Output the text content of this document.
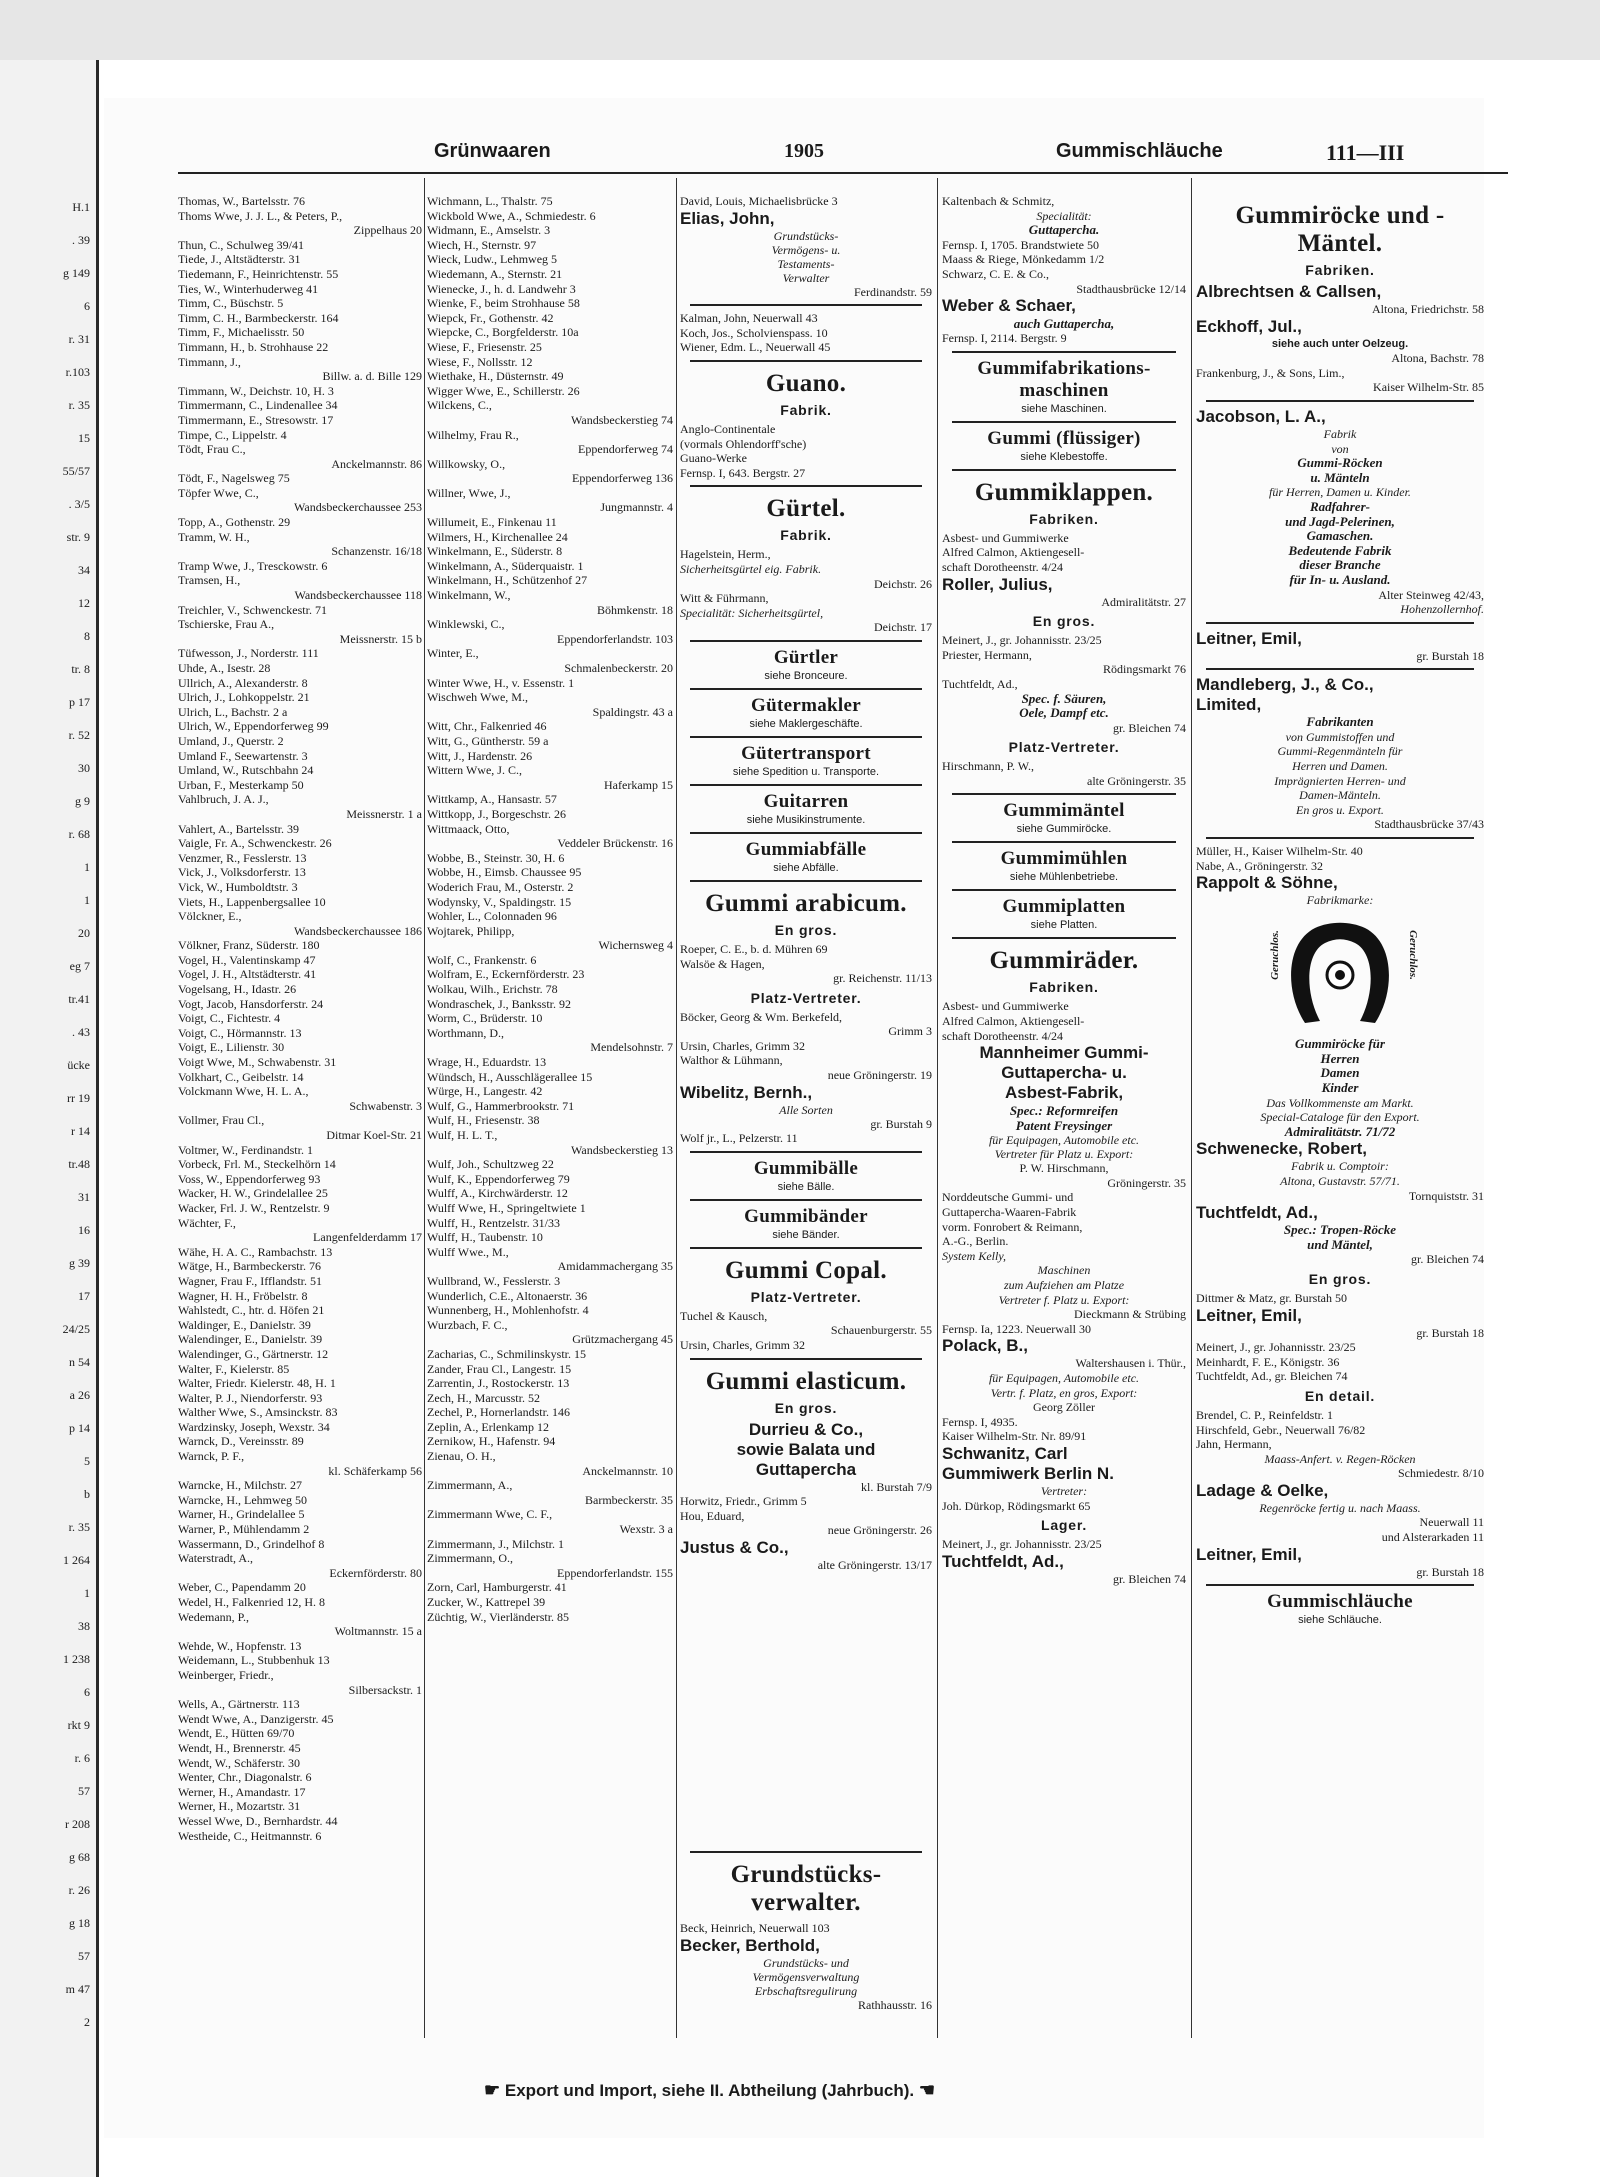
H.1
. 39
g 149
6
r. 31
r.103
r. 35
15
55/57
. 3/5
str. 9
34
12
8
tr. 8
p 17
r. 52
30
g 9
r. 68
1
1
20
eg 7
tr.41
. 43
ücke
rr 19
r 14
tr.48
31
16
g 39
17
24/25
n 54
a 26
p 14
5
b
r. 35
1 264
1
38
1 238
6
rkt 9
r. 6
57
r 208
g 68
r. 26
g 18
57
m 47
2
Grünwaaren	1905	Gummischläuche	111—III
Thomas, W., Bartelsstr. 76
Thoms Wwe, J. J. L., & Peters, P.,
Zippelhaus 20
Thun, C., Schulweg 39/41
Tiede, J., Altstädterstr. 31
Tiedemann, F., Heinrichtenstr. 55
Ties, W., Winterhuderweg 41
Timm, C., Büschstr. 5
Timm, C. H., Barmbeckerstr. 164
Timm, F., Michaelisstr. 50
Timmann, H., b. Strohhause 22
Timmann, J.,
Billw. a. d. Bille 129
Timmann, W., Deichstr. 10, H. 3
Timmermann, C., Lindenallee 34
Timmermann, E., Stresowstr. 17
Timpe, C., Lippelstr. 4
Tödt, Frau C.,
Anckelmannstr. 86
Tödt, F., Nagelsweg 75
Töpfer Wwe, C.,
Wandsbeckerchaussee 253
Topp, A., Gothenstr. 29
Tramm, W. H.,
Schanzenstr. 16/18
Tramp Wwe, J., Tresckowstr. 6
Tramsen, H.,
Wandsbeckerchaussee 118
Treichler, V., Schwenckestr. 71
Tschierske, Frau A.,
Meissnerstr. 15 b
Tüfwesson, J., Norderstr. 111
Uhde, A., Isestr. 28
Ullrich, A., Alexanderstr. 8
Ulrich, J., Lohkoppelstr. 21
Ulrich, L., Bachstr. 2 a
Ulrich, W., Eppendorferweg 99
Umland, J., Querstr. 2
Umland F., Seewartenstr. 3
Umland, W., Rutschbahn 24
Urban, F., Mesterkamp 50
Vahlbruch, J. A. J.,
Meissnerstr. 1 a
Vahlert, A., Bartelsstr. 39
Vaigle, Fr. A., Schwenckestr. 26
Venzmer, R., Fesslerstr. 13
Vick, J., Volksdorferstr. 13
Vick, W., Humboldtstr. 3
Viets, H., Lappenbergsallee 10
Völckner, E.,
Wandsbeckerchaussee 186
Völkner, Franz, Süderstr. 180
Vogel, H., Valentinskamp 47
Vogel, J. H., Altstädterstr. 41
Vogelsang, H., Idastr. 26
Vogt, Jacob, Hansdorferstr. 24
Voigt, C., Fichtestr. 4
Voigt, C., Hörmannstr. 13
Voigt, E., Lilienstr. 30
Voigt Wwe, M., Schwabenstr. 31
Volkhart, C., Geibelstr. 14
Volckmann Wwe, H. L. A.,
Schwabenstr. 3
Vollmer, Frau Cl.,
Ditmar Koel-Str. 21
Voltmer, W., Ferdinandstr. 1
Vorbeck, Frl. M., Steckelhörn 14
Voss, W., Eppendorferweg 93
Wacker, H. W., Grindelallee 25
Wacker, Frl. J. W., Rentzelstr. 9
Wächter, F.,
Langenfelderdamm 17
Wähe, H. A. C., Rambachstr. 13
Wätge, H., Barmbeckerstr. 76
Wagner, Frau F., Ifflandstr. 51
Wagner, H. H., Fröbelstr. 8
Wahlstedt, C., htr. d. Höfen 21
Waldinger, E., Danielstr. 39
Walendinger, E., Danielstr. 39
Walendinger, G., Gärtnerstr. 12
Walter, F., Kielerstr. 85
Walter, Friedr. Kielerstr. 48, H. 1
Walter, P. J., Niendorferstr. 93
Walther Wwe, S., Amsinckstr. 83
Wardzinsky, Joseph, Wexstr. 34
Warnck, D., Vereinsstr. 89
Warnck, P. F.,
kl. Schäferkamp 56
Warncke, H., Milchstr. 27
Warncke, H., Lehmweg 50
Warner, H., Grindelallee 5
Warner, P., Mühlendamm 2
Wassermann, D., Grindelhof 8
Waterstradt, A.,
Eckernförderstr. 80
Weber, C., Papendamm 20
Wedel, H., Falkenried 12, H. 8
Wedemann, P.,
Woltmannstr. 15 a
Wehde, W., Hopfenstr. 13
Weidemann, L., Stubbenhuk 13
Weinberger, Friedr.,
Silbersackstr. 1
Wells, A., Gärtnerstr. 113
Wendt Wwe, A., Danzigerstr. 45
Wendt, E., Hütten 69/70
Wendt, H., Brennerstr. 45
Wendt, W., Schäferstr. 30
Wenter, Chr., Diagonalstr. 6
Werner, H., Amandastr. 17
Werner, H., Mozartstr. 31
Wessel Wwe, D., Bernhardstr. 44
Westheide, C., Heitmannstr. 6
Wichmann, L., Thalstr. 75
Wickbold Wwe, A., Schmiedestr. 6
Widmann, E., Amselstr. 3
Wiech, H., Sternstr. 97
Wieck, Ludw., Lehmweg 5
Wiedemann, A., Sternstr. 21
Wienecke, J., h. d. Landwehr 3
Wienke, F., beim Strohhause 58
Wiepck, Fr., Gothenstr. 42
Wiepcke, C., Borgfelderstr. 10a
Wiese, F., Friesenstr. 25
Wiese, F., Nollsstr. 12
Wiethake, H., Düsternstr. 49
Wigger Wwe, E., Schillerstr. 26
Wilckens, C.,
Wandsbeckerstieg 74
Wilhelmy, Frau R.,
Eppendorferweg 74
Willkowsky, O.,
Eppendorferweg 136
Willner, Wwe, J.,
Jungmannstr. 4
Willumeit, E., Finkenau 11
Wilmers, H., Kirchenallee 24
Winkelmann, E., Süderstr. 8
Winkelmann, A., Süderquaistr. 1
Winkelmann, H., Schützenhof 27
Winkelmann, W.,
Böhmkenstr. 18
Winklewski, C.,
Eppendorferlandstr. 103
Winter, E.,
Schmalenbeckerstr. 20
Winter Wwe, H., v. Essenstr. 1
Wischweh Wwe, M.,
Spaldingstr. 43 a
Witt, Chr., Falkenried 46
Witt, G., Güntherstr. 59 a
Witt, J., Hardenstr. 26
Wittern Wwe, J. C.,
Haferkamp 15
Wittkamp, A., Hansastr. 57
Wittkopp, J., Borgeschstr. 26
Wittmaack, Otto,
Veddeler Brückenstr. 16
Wobbe, B., Steinstr. 30, H. 6
Wobbe, H., Eimsb. Chaussee 95
Woderich Frau, M., Osterstr. 2
Wodynsky, V., Spaldingstr. 15
Wohler, L., Colonnaden 96
Wojtarek, Philipp,
Wichernsweg 4
Wolf, C., Frankenstr. 6
Wolfram, E., Eckernförderstr. 23
Wolkau, Wilh., Erichstr. 78
Wondraschek, J., Banksstr. 92
Worm, C., Brüderstr. 10
Worthmann, D.,
Mendelsohnstr. 7
Wrage, H., Eduardstr. 13
Wündsch, H., Ausschlägerallee 15
Würge, H., Langestr. 42
Wulf, G., Hammerbrookstr. 71
Wulf, H., Friesenstr. 38
Wulf, H. L. T.,
Wandsbeckerstieg 13
Wulf, Joh., Schultzweg 22
Wulf, K., Eppendorferweg 79
Wulff, A., Kirchwärderstr. 12
Wulff Wwe, H., Springeltwiete 1
Wulff, H., Rentzelstr. 31/33
Wulff, H., Taubenstr. 10
Wulff Wwe., M.,
Amidammachergang 35
Wullbrand, W., Fesslerstr. 3
Wunderlich, C.E., Altonaerstr. 36
Wunnenberg, H., Mohlenhofstr. 4
Wurzbach, F. C.,
Grützmachergang 45
Zacharias, C., Schmilinskystr. 15
Zander, Frau Cl., Langestr. 15
Zarrentin, J., Rostockerstr. 13
Zech, H., Marcusstr. 52
Zechel, P., Hornerlandstr. 146
Zeplin, A., Erlenkamp 12
Zernikow, H., Hafenstr. 94
Zienau, O. H.,
Anckelmannstr. 10
Zimmermann, A.,
Barmbeckerstr. 35
Zimmermann Wwe, C. F.,
Wexstr. 3 a
Zimmermann, J., Milchstr. 1
Zimmermann, O.,
Eppendorferlandstr. 155
Zorn, Carl, Hamburgerstr. 41
Zucker, W., Kattrepel 39
Züchtig, W., Vierländerstr. 85
David, Louis, Michaelisbrücke 3
Elias, John,
Grundstücks-
Vermögens- u.
Testaments-
Verwalter
Ferdinandstr. 59
Kalman, John, Neuerwall 43
Koch, Jos., Scholvienspass. 10
Wiener, Edm. L., Neuerwall 45
Guano.
Fabrik.
Anglo-Continentale
(vormals Ohlendorff'sche)
Guano-Werke
Fernsp. I, 643. Bergstr. 27
Gürtel.
Fabrik.
Hagelstein, Herm.,
Sicherheitsgürtel eig. Fabrik.
Deichstr. 26
Witt & Führmann,
Specialität: Sicherheitsgürtel,
Deichstr. 17
Gürtler
siehe Bronceure.
Gütermakler
siehe Maklergeschäfte.
Gütertransport
siehe Spedition u. Transporte.
Guitarren
siehe Musikinstrumente.
Gummiabfälle
siehe Abfälle.
Gummi arabicum.
En gros.
Roeper, C. E., b. d. Mühren 69
Walsöe & Hagen,
gr. Reichenstr. 11/13
Platz-Vertreter.
Böcker, Georg & Wm. Berkefeld,
Grimm 3
Ursin, Charles, Grimm 32
Walthor & Lühmann,
neue Gröningerstr. 19
Wibelitz, Bernh.,
Alle Sorten
gr. Burstah 9
Wolf jr., L., Pelzerstr. 11
Gummibälle
siehe Bälle.
Gummibänder
siehe Bänder.
Gummi Copal.
Platz-Vertreter.
Tuchel & Kausch,
Schauenburgerstr. 55
Ursin, Charles, Grimm 32
Gummi elasticum.
En gros.
Durrieu & Co.,
sowie Balata und
Guttapercha
kl. Burstah 7/9
Horwitz, Friedr., Grimm 5
Hou, Eduard,
neue Gröningerstr. 26
Justus & Co.,
alte Gröningerstr. 13/17
Kaltenbach & Schmitz,
Specialität:
Guttapercha.
Fernsp. I, 1705. Brandstwiete 50
Maass & Riege, Mönkedamm 1/2
Schwarz, C. E. & Co.,
Stadthausbrücke 12/14
Weber & Schaer,
auch Guttapercha,
Fernsp. I, 2114. Bergstr. 9
Gummifabrikations-maschinen
siehe Maschinen.
Gummi (flüssiger)
siehe Klebestoffe.
Gummiklappen.
Fabriken.
Asbest- und Gummiwerke
Alfred Calmon, Aktiengesell-
schaft Dorotheenstr. 4/24
Roller, Julius,
Admiralitätstr. 27
En gros.
Meinert, J., gr. Johannisstr. 23/25
Priester, Hermann,
Rödingsmarkt 76
Tuchtfeldt, Ad.,
Spec. f. Säuren,
Oele, Dampf etc.
gr. Bleichen 74
Platz-Vertreter.
Hirschmann, P. W.,
alte Gröningerstr. 35
Gummimäntel
siehe Gummiröcke.
Gummimühlen
siehe Mühlenbetriebe.
Gummiplatten
siehe Platten.
Gummiräder.
Fabriken.
Asbest- und Gummiwerke
Alfred Calmon, Aktiengesell-
schaft Dorotheenstr. 4/24
Mannheimer Gummi-
Guttapercha- u.
Asbest-Fabrik,
Spec.: Reformreifen
Patent Freysinger
für Equipagen, Automobile etc.
Vertreter für Platz u. Export:
P. W. Hirschmann,
Gröningerstr. 35
Norddeutsche Gummi- und
Guttapercha-Waaren-Fabrik
vorm. Fonrobert & Reimann,
A.-G., Berlin.
System Kelly,
Maschinen
zum Aufziehen am Platze
Vertreter f. Platz u. Export:
Dieckmann & Strübing
Fernsp. Ia, 1223. Neuerwall 30
Polack, B.,
Waltershausen i. Thür.,
für Equipagen, Automobile etc.
Vertr. f. Platz, en gros, Export:
Georg Zöller
Fernsp. I, 4935.
Kaiser Wilhelm-Str. Nr. 89/91
Schwanitz, Carl
Gummiwerk Berlin N.
Vertreter:
Joh. Dürkop, Rödingsmarkt 65
Lager.
Meinert, J., gr. Johannisstr. 23/25
Tuchtfeldt, Ad.,
gr. Bleichen 74
Gummiröcke und -Mäntel.
Fabriken.
Albrechtsen & Callsen,
Altona, Friedrichstr. 58
Eckhoff, Jul.,
siehe auch unter Oelzeug.
Altona, Bachstr. 78
Frankenburg, J., & Sons, Lim.,
Kaiser Wilhelm-Str. 85
Jacobson, L. A.,
Fabrik
von
Gummi-Röcken
u. Mänteln
für Herren, Damen u. Kinder.
Radfahrer-
und Jagd-Pelerinen,
Gamaschen.
Bedeutende Fabrik
dieser Branche
für In- u. Ausland.
Alter Steinweg 42/43,
Hohenzollernhof.
Leitner, Emil,
gr. Burstah 18
Mandleberg, J., & Co.,
Limited,
Fabrikanten
von Gummistoffen und
Gummi-Regenmänteln für
Herren und Damen.
Imprägnierten Herren- und
Damen-Mänteln.
En gros u. Export.
Stadthausbrücke 37/43
Müller, H., Kaiser Wilhelm-Str. 40
Nabe, A., Gröningerstr. 32
Rappolt & Söhne,
Fabrikmarke:
Geruchlos.	Geruchlos.
Gummiröcke für
Herren
Damen
Kinder
Das Vollkommenste am Markt.
Special-Cataloge für den Export.
Admiralitätstr. 71/72
Schwenecke, Robert,
Fabrik u. Comptoir:
Altona, Gustavstr. 57/71.
Tornquiststr. 31
Tuchtfeldt, Ad.,
Spec.: Tropen-Röcke
und Mäntel,
gr. Bleichen 74
En gros.
Dittmer & Matz, gr. Burstah 50
Leitner, Emil,
gr. Burstah 18
Meinert, J., gr. Johannisstr. 23/25
Meinhardt, F. E., Königstr. 36
Tuchtfeldt, Ad., gr. Bleichen 74
En detail.
Brendel, C. P., Reinfeldstr. 1
Hirschfeld, Gebr., Neuerwall 76/82
Jahn, Hermann,
Maass-Anfert. v. Regen-Röcken
Schmiedestr. 8/10
Ladage & Oelke,
Regenröcke fertig u. nach Maass.
Neuerwall 11
und Alsterarkaden 11
Leitner, Emil,
gr. Burstah 18
Gummischläuche
siehe Schläuche.
Grundstücks-verwalter.
Beck, Heinrich, Neuerwall 103
Becker, Berthold,
Grundstücks- und
Vermögensverwaltung
Erbschaftsregulirung
Rathhausstr. 16
☛ Export und Import, siehe II. Abtheilung (Jahrbuch). ☚
